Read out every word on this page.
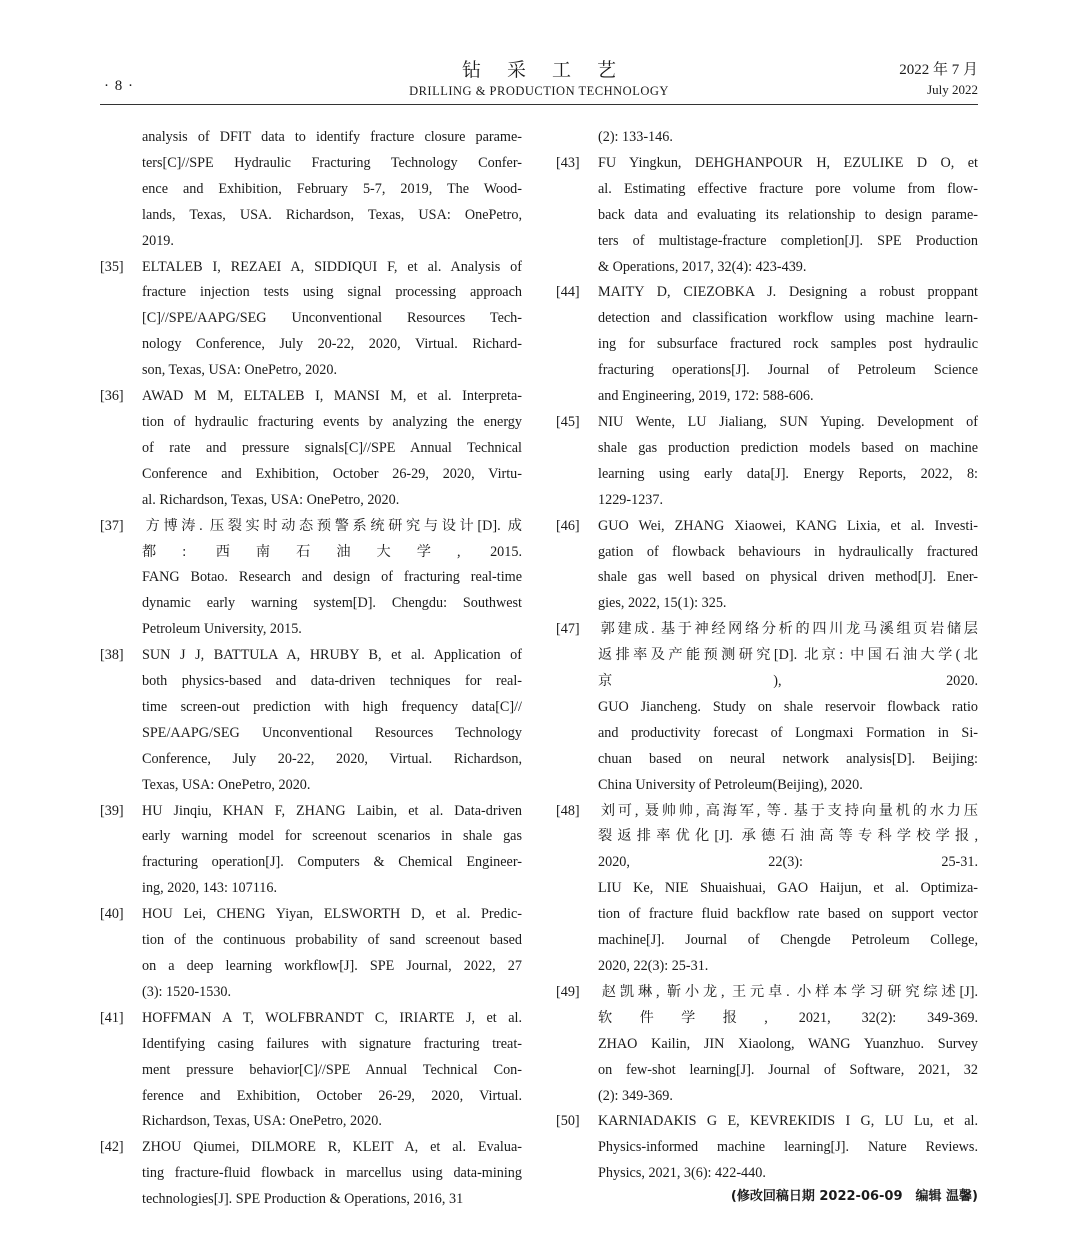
· 8 ·
钻采工艺
DRILLING & PRODUCTION TECHNOLOGY
2022 年 7 月
July 2022
analysis of DFIT data to identify fracture closure parame-
ters[C]//SPE Hydraulic Fracturing Technology Confer-
ence and Exhibition, February 5-7, 2019, The Wood-
lands, Texas, USA. Richardson, Texas, USA: OnePetro,
2019.
[35] ELTALEB I, REZAEI A, SIDDIQUI F, et al. Analysis of
fracture injection tests using signal processing approach
[C]//SPE/AAPG/SEG Unconventional Resources Tech-
nology Conference, July 20-22, 2020, Virtual. Richard-
son, Texas, USA: OnePetro, 2020.
[36] AWAD M M, ELTALEB I, MANSI M, et al. Interpreta-
tion of hydraulic fracturing events by analyzing the energy
of rate and pressure signals[C]//SPE Annual Technical
Conference and Exhibition, October 26-29, 2020, Virtu-
al. Richardson, Texas, USA: OnePetro, 2020.
[37] 方博涛. 压裂实时动态预警系统研究与设计[D]. 成
都: 西南石油大学, 2015.
FANG Botao. Research and design of fracturing real-time
dynamic early warning system[D]. Chengdu: Southwest
Petroleum University, 2015.
[38] SUN J J, BATTULA A, HRUBY B, et al. Application of
both physics-based and data-driven techniques for real-
time screen-out prediction with high frequency data[C]//
SPE/AAPG/SEG Unconventional Resources Technology
Conference, July 20-22, 2020, Virtual. Richardson,
Texas, USA: OnePetro, 2020.
[39] HU Jinqiu, KHAN F, ZHANG Laibin, et al. Data-driven
early warning model for screenout scenarios in shale gas
fracturing operation[J]. Computers & Chemical Engineer-
ing, 2020, 143: 107116.
[40] HOU Lei, CHENG Yiyan, ELSWORTH D, et al. Predic-
tion of the continuous probability of sand screenout based
on a deep learning workflow[J]. SPE Journal, 2022, 27
(3): 1520-1530.
[41] HOFFMAN A T, WOLFBRANDT C, IRIARTE J, et al.
Identifying casing failures with signature fracturing treat-
ment pressure behavior[C]//SPE Annual Technical Con-
ference and Exhibition, October 26-29, 2020, Virtual.
Richardson, Texas, USA: OnePetro, 2020.
[42] ZHOU Qiumei, DILMORE R, KLEIT A, et al. Evalua-
ting fracture-fluid flowback in marcellus using data-mining
technologies[J]. SPE Production & Operations, 2016, 31
(2): 133-146.
[43] FU Yingkun, DEHGHANPOUR H, EZULIKE D O, et
al. Estimating effective fracture pore volume from flow-
back data and evaluating its relationship to design parame-
ters of multistage-fracture completion[J]. SPE Production
& Operations, 2017, 32(4): 423-439.
[44] MAITY D, CIEZOBKA J. Designing a robust proppant
detection and classification workflow using machine learn-
ing for subsurface fractured rock samples post hydraulic
fracturing operations[J]. Journal of Petroleum Science
and Engineering, 2019, 172: 588-606.
[45] NIU Wente, LU Jialiang, SUN Yuping. Development of
shale gas production prediction models based on machine
learning using early data[J]. Energy Reports, 2022, 8:
1229-1237.
[46] GUO Wei, ZHANG Xiaowei, KANG Lixia, et al. Investi-
gation of flowback behaviours in hydraulically fractured
shale gas well based on physical driven method[J]. Ener-
gies, 2022, 15(1): 325.
[47] 郭建成. 基于神经网络分析的四川龙马溪组页岩储层
返排率及产能预测研究[D]. 北京: 中国石油大学(北
京), 2020.
GUO Jiancheng. Study on shale reservoir flowback ratio
and productivity forecast of Longmaxi Formation in Si-
chuan based on neural network analysis[D]. Beijing:
China University of Petroleum(Beijing), 2020.
[48] 刘可, 聂帅帅, 高海军, 等. 基于支持向量机的水力压
裂返排率优化[J]. 承德石油高等专科学校学报,
2020, 22(3): 25-31.
LIU Ke, NIE Shuaishuai, GAO Haijun, et al. Optimiza-
tion of fracture fluid backflow rate based on support vector
machine[J]. Journal of Chengde Petroleum College,
2020, 22(3): 25-31.
[49] 赵凯琳, 靳小龙, 王元卓. 小样本学习研究综述[J].
软件学报, 2021, 32(2): 349-369.
ZHAO Kailin, JIN Xiaolong, WANG Yuanzhuo. Survey
on few-shot learning[J]. Journal of Software, 2021, 32
(2): 349-369.
[50] KARNIADAKIS G E, KEVREKIDIS I G, LU Lu, et al.
Physics-informed machine learning[J]. Nature Reviews.
Physics, 2021, 3(6): 422-440.
(修改回稿日期 2022-06-09　编辑 温馨)
